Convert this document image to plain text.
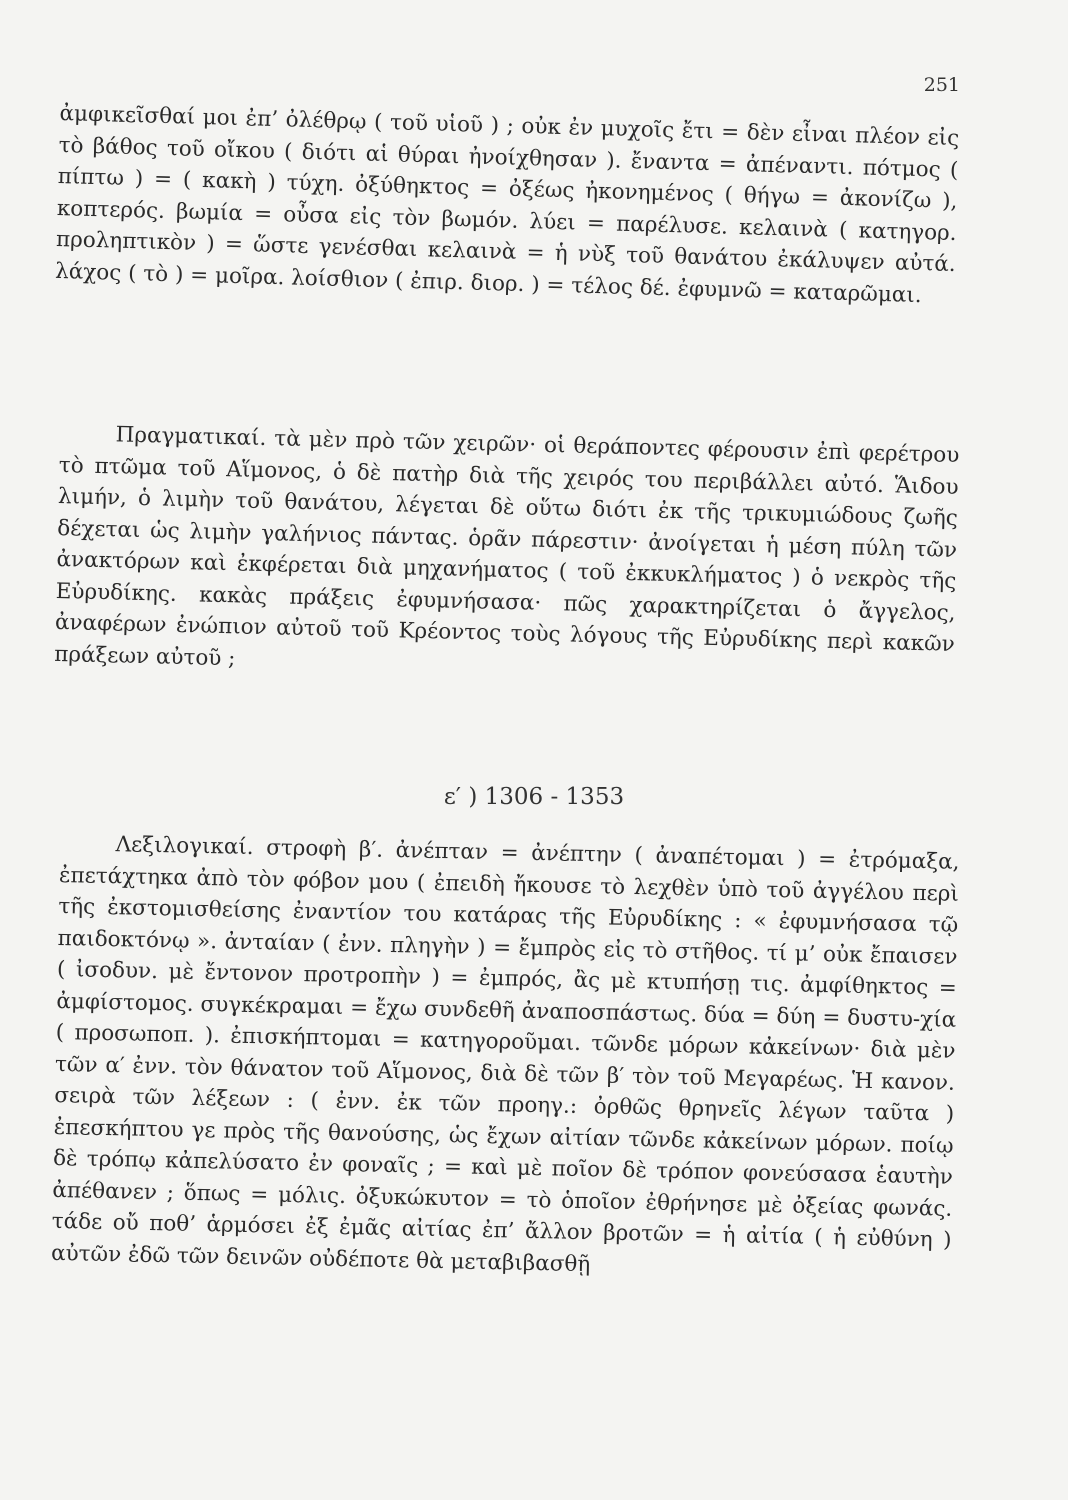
251

ἀμφικεῖσθαί μοι ἐπ’ ὀλέθρῳ ( τοῦ υἱοῦ ) ; οὐκ ἐν μυχοῖς ἔτι = δὲν εἶναι πλέον εἰς τὸ βάθος τοῦ οἴκου ( διότι αἱ θύραι ἠνοίχθησαν ). ἔναντα = ἀπέναντι. πότμος ( πίπτω ) = ( κακὴ ) τύχη. ὀξύθηκτος = ὀξέως ἠκονημένος ( θήγω = ἀκονίζω ), κοπτερός. βωμία = οὖσα εἰς τὸν βωμόν. λύει = παρέλυσε. κελαινὰ ( κατηγορ. προληπτικὸν ) = ὥστε γενέσθαι κελαινὰ = ἡ νὺξ τοῦ θανάτου ἐκάλυψεν αὐτά. λάχος ( τὸ ) = μοῖρα. λοίσθιον ( ἐπιρ. διορ. ) = τέλος δέ. ἐφυμνῶ = καταρῶμαι.

Πραγματικαί. τὰ μὲν πρὸ τῶν χειρῶν· οἱ θεράποντες φέρουσιν ἐπὶ φερέτρου τὸ πτῶμα τοῦ Αἵμονος, ὁ δὲ πατὴρ διὰ τῆς χειρός του περιβάλλει αὐτό. Ἅιδου λιμήν, ὁ λιμὴν τοῦ θανάτου, λέγεται δὲ οὕτω διότι ἐκ τῆς τρικυμιώδους ζωῆς δέχεται ὡς λιμὴν γαλήνιος πάντας. ὁρᾶν πάρεστιν· ἀνοίγεται ἡ μέση πύλη τῶν ἀνακτόρων καὶ ἐκφέρεται διὰ μηχανήματος ( τοῦ ἐκκυκλήματος ) ὁ νεκρὸς τῆς Εὐρυδίκης. κακὰς πράξεις ἐφυμνήσασα· πῶς χαρακτηρίζεται ὁ ἄγγελος, ἀναφέρων ἐνώπιον αὐτοῦ τοῦ Κρέοντος τοὺς λόγους τῆς Εὐρυδίκης περὶ κακῶν πράξεων αὐτοῦ ;

ε′ ) 1306 - 1353

Λεξιλογικαί. στροφὴ β′. ἀνέπταν = ἀνέπτην ( ἀναπέτομαι ) = ἐτρόμαξα, ἐπετάχτηκα ἀπὸ τὸν φόβον μου ( ἐπειδὴ ἤκουσε τὸ λεχθὲν ὑπὸ τοῦ ἀγγέλου περὶ τῆς ἐκστομισθείσης ἐναντίον του κατάρας τῆς Εὐρυδίκης : « ἐφυμνήσασα τῷ παιδοκτόνῳ ». ἀνταίαν ( ἐνν. πληγὴν ) = ἔμπρὸς εἰς τὸ στῆθος. τί μ’ οὐκ ἔπαισεν ( ἰσοδυν. μὲ ἔντονον προτροπὴν ) = ἐμπρός, ἂς μὲ κτυπήσῃ τις. ἀμφίθηκτος = ἀμφίστομος. συγκέκραμαι = ἔχω συνδεθῆ ἀναποσπάστως. δύα = δύη = δυστυ-χία ( προσωποπ. ). ἐπισκήπτομαι = κατηγοροῦμαι. τῶνδε μόρων κἀκείνων· διὰ μὲν τῶν α′ ἐνν. τὸν θάνατον τοῦ Αἵμονος, διὰ δὲ τῶν β′ τὸν τοῦ Μεγαρέως. Ἡ κανον. σειρὰ τῶν λέξεων : ( ἐνν. ἐκ τῶν προηγ.: ὀρθῶς θρηνεῖς λέγων ταῦτα ) ἐπεσκήπτου γε πρὸς τῆς θανούσης, ὡς ἔχων αἰτίαν τῶνδε κἀκείνων μόρων. ποίῳ δὲ τρόπῳ κἀπελύσατο ἐν φοναῖς ; = καὶ μὲ ποῖον δὲ τρόπον φονεύσασα ἑαυτὴν ἀπέθανεν ; ὅπως = μόλις. ὀξυκώκυτον = τὸ ὁποῖον ἐθρήνησε μὲ ὀξείας φωνάς. τάδε οὔ ποθ’ ἁρμόσει ἐξ ἐμᾶς αἰτίας ἐπ’ ἄλλον βροτῶν = ἡ αἰτία ( ἡ εὐθύνη ) αὐτῶν ἐδῶ τῶν δεινῶν οὐδέποτε θὰ μεταβιβασθῇ
